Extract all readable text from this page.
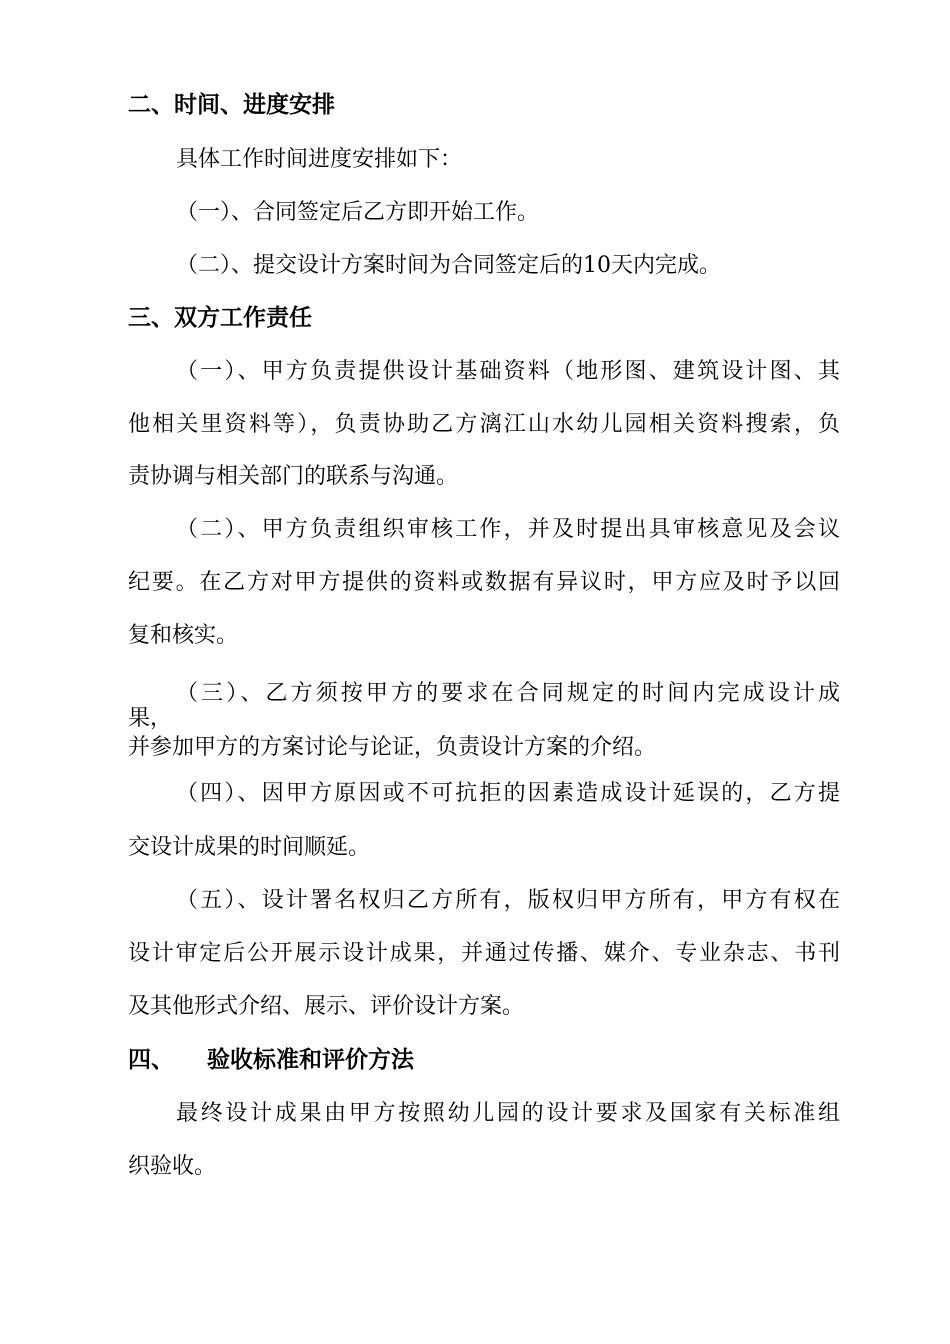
二、时间、进度安排
具体工作时间进度安排如下：
（一）、合同签定后乙方即开始工作。
（二）、提交设计方案时间为合同签定后的10天内完成。
三、双方工作责任
（一）、甲方负责提供设计基础资料（地形图、建筑设计图、其
他相关里资料等），负责协助乙方漓江山水幼儿园相关资料搜索，负
责协调与相关部门的联系与沟通。
（二）、甲方负责组织审核工作，并及时提出具审核意见及会议
纪要。在乙方对甲方提供的资料或数据有异议时，甲方应及时予以回
复和核实。
（三）、乙方须按甲方的要求在合同规定的时间内完成设计成
果，
并参加甲方的方案讨论与论证，负责设计方案的介绍。
（四）、因甲方原因或不可抗拒的因素造成设计延误的，乙方提
交设计成果的时间顺延。
（五）、设计署名权归乙方所有，版权归甲方所有，甲方有权在
设计审定后公开展示设计成果，并通过传播、媒介、专业杂志、书刊
及其他形式介绍、展示、评价设计方案。
四、	验收标准和评价方法
最终设计成果由甲方按照幼儿园的设计要求及国家有关标准组
织验收。
